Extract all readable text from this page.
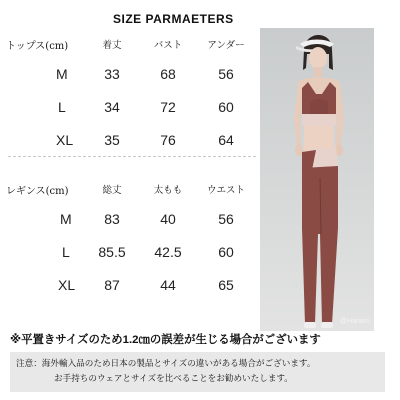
SIZE PARMAETERS
トップス(cm)	着丈	バスト	アンダー
M	33	68	56
L	34	72	60
XL	35	76	64
レギンス(cm)	総丈	太もも	ウエスト
M	83	40	56
L	85.5	42.5	60
XL	87	44	65
@Hanaru
※平置きサイズのため1.2㎝の誤差が生じる場合がございます
注意：海外輸入品のため日本の製品とサイズの違いがある場合がございます。
お手持ちのウェアとサイズを比べることをお勧めいたします。
